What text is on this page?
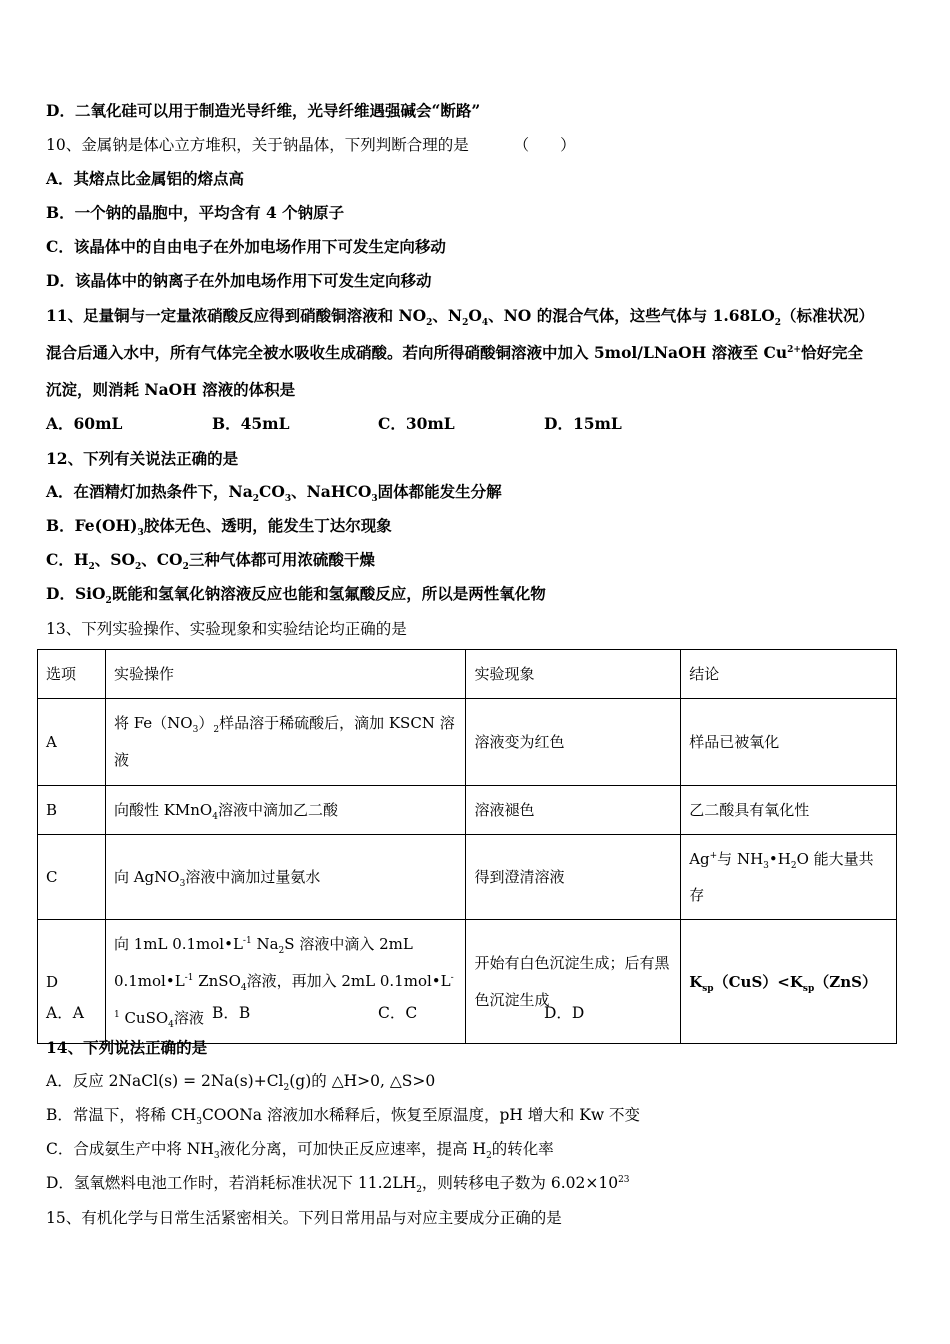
D．二氧化硅可以用于制造光导纤维，光导纤维遇强碱会“断路”
10、金属钠是体心立方堆积，关于钠晶体，下列判断合理的是	（　　）
A．其熔点比金属铝的熔点高
B．一个钠的晶胞中，平均含有 4 个钠原子
C．该晶体中的自由电子在外加电场作用下可发生定向移动
D．该晶体中的钠离子在外加电场作用下可发生定向移动
11、足量铜与一定量浓硝酸反应得到硝酸铜溶液和 $NO_2$、$N_2O_4$、NO 的混合气体，这些气体与 $1.68LO_2$（标准状况）
混合后通入水中，所有气体完全被水吸收生成硝酸。若向所得硝酸铜溶液中加入 5mol/LNaOH 溶液至 $Cu^{2+}$恰好完全
沉淀，则消耗 NaOH 溶液的体积是
A．60mL	B．45mL	C．30mL	D．15mL
12、下列有关说法正确的是
A．在酒精灯加热条件下，$Na_2CO_3$、NaHCO$_3$固体都能发生分解
B．$Fe(OH)_3$胶体无色、透明，能发生丁达尔现象
C．$H_2$、$SO_2$、$CO_2$三种气体都可用浓硫酸干燥
D．SiO$_2$既能和氢氧化钠溶液反应也能和氢氟酸反应，所以是两性氧化物
13、下列实验操作、实验现象和实验结论均正确的是
选项	实验操作	实验现象	结论
A	将 $Fe(NO_3)_2$样品溶于稀硫酸后，滴加 KSCN 溶液	溶液变为红色	样品已被氧化
B	向酸性 KMnO$_4$溶液中滴加乙二酸	溶液褪色	乙二酸具有氧化性
C	向 AgNO$_3$溶液中滴加过量氨水	得到澄清溶液	Ag+与 $NH_3•H_2O$ 能大量共存
D	向 1mL $0.1mol•L^{-1}$ $Na_2S$ 溶液中滴入 2mL $0.1mol•L^{-1}$ ZnSO$_4$溶液，再加入 2mL $0.1mol•L^{-1}$ CuSO$_4$溶液	开始有白色沉淀生成；后有黑色沉淀生成	$K_{sp}(CuS)<K_{sp}(ZnS)$
A．A	B．B	C．C	D．D
14、下列说法正确的是
A．反应 2NaCl(s) = $2Na(s)+Cl_2(g)$的 △H>0, △S>0
B．常温下，将稀 $CH_3COONa$ 溶液加水稀释后，恢复至原温度，pH 增大和 Kw 不变
C．合成氨生产中将 $NH_3$液化分离，可加快正反应速率，提高 $H_2$的转化率
D．氢氧燃料电池工作时，若消耗标准状况下 $11.2LH_2$，则转移电子数为 $6.02\times 10^{23}$
15、有机化学与日常生活紧密相关。下列日常用品与对应主要成分正确的是
